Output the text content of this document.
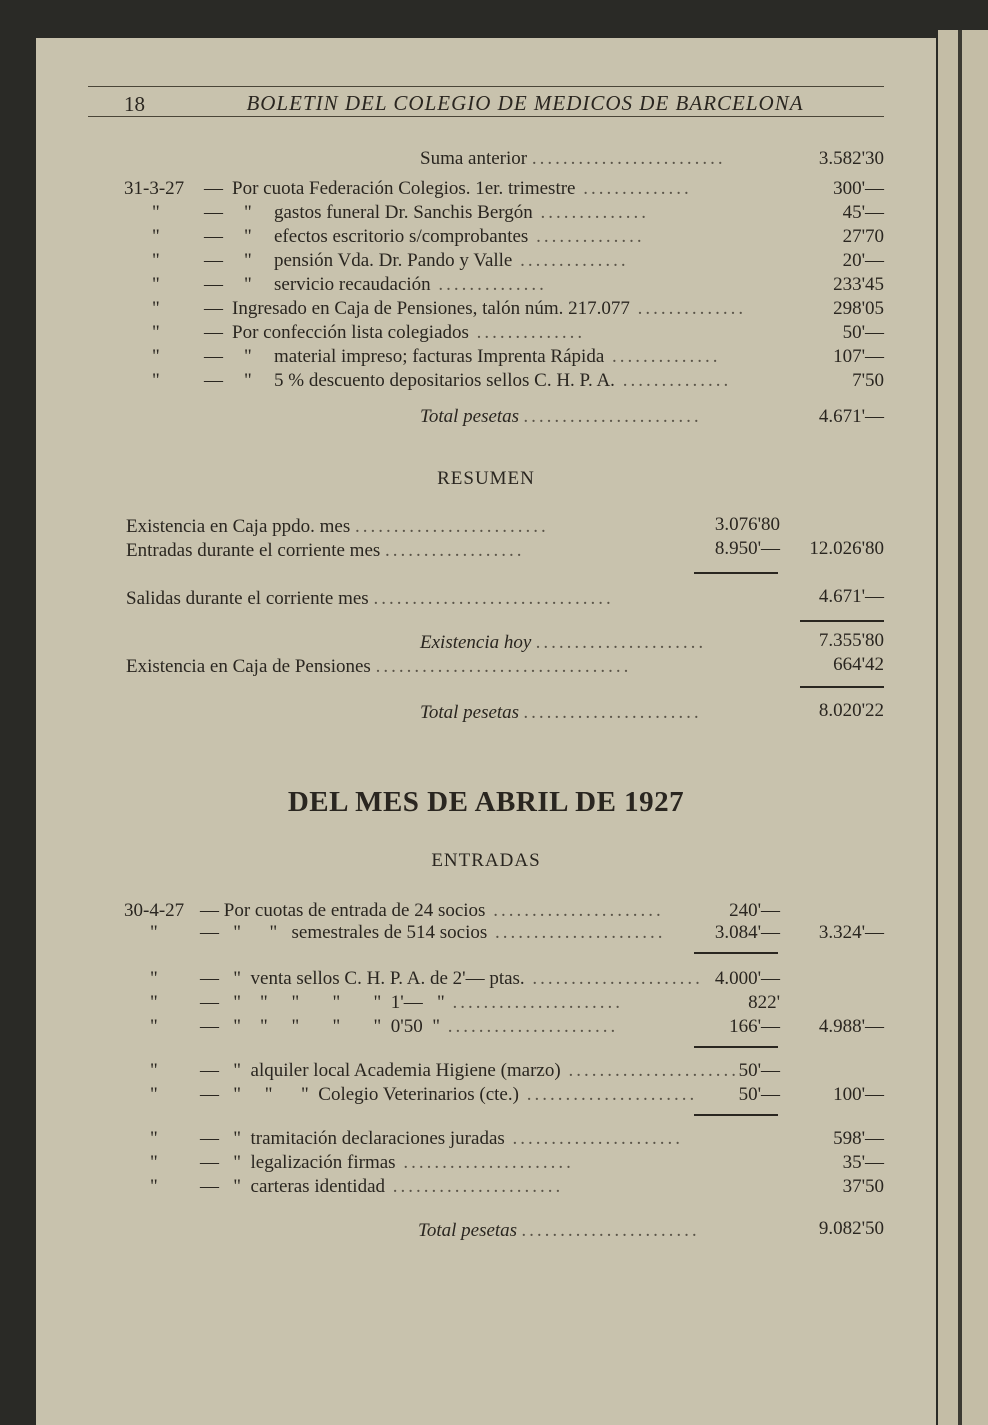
18	BOLETIN DEL COLEGIO DE MEDICOS DE BARCELONA
Suma anterior .........................	3.582'30
31-3-27 — Por cuota Federación Colegios. 1er. trimestre ..............	300'—
" — " gastos funeral Dr. Sanchis Bergón ..............	45'—
" — " efectos escritorio s/comprobantes ..............	27'70
" — " pensión Vda. Dr. Pando y Valle ..............	20'—
" — " servicio recaudación ..............	233'45
" — Ingresado en Caja de Pensiones, talón núm. 217.077 ..............	298'05
" — Por confección lista colegiados ..............	50'—
" — " material impreso; facturas Imprenta Rápida ..............	107'—
" — " 5 % descuento depositarios sellos C. H. P. A. ..............	7'50
Total pesetas .......................	4.671'—
RESUMEN
Existencia en Caja ppdo. mes .........................	3.076'80
Entradas durante el corriente mes ..................	8.950'—	12.026'80
Salidas durante el corriente mes ...............................	4.671'—
Existencia hoy ......................	7.355'80
Existencia en Caja de Pensiones .................................	664'42
Total pesetas .......................	8.020'22
DEL MES DE ABRIL DE 1927
ENTRADAS
30-4-27 — Por cuotas de entrada de 24 socios ......................	240'—
" —   "      "   semestrales de 514 socios ......................	3.084'—	3.324'—
" —   "  venta sellos C. H. P. A. de 2'— ptas. ...................... 4.000'—
" —   "    "     "       "       "  1'—   " ......................	822'
" —   "    "     "       "       "  0'50  " ......................	166'—	4.988'—
" —   "  alquiler local Academia Higiene (marzo) ...................... 50'—
" —   "     "      "  Colegio Veterinarios (cte.) ......................	50'—	100'—
" —   "  tramitación declaraciones juradas ......................	598'—
" —   "  legalización firmas ......................	35'—
" —   "  carteras identidad ......................	37'50
Total pesetas .......................	9.082'50
